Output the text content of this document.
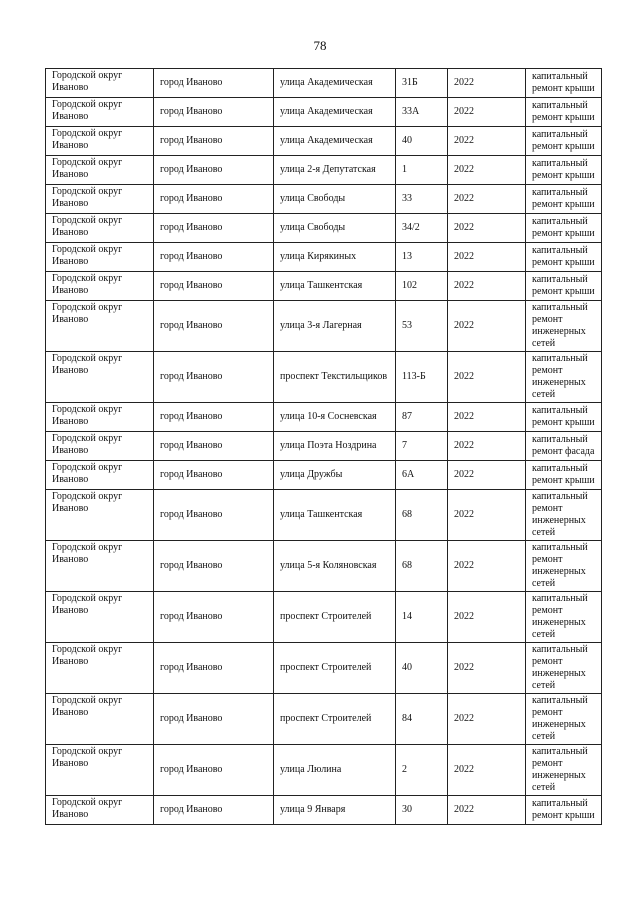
78
Городской округ Иваново	город Иваново	улица Академическая	31Б	2022	капитальный ремонт крыши
Городской округ Иваново	город Иваново	улица Академическая	33А	2022	капитальный ремонт крыши
Городской округ Иваново	город Иваново	улица Академическая	40	2022	капитальный ремонт крыши
Городской округ Иваново	город Иваново	улица 2-я Депутатская	1	2022	капитальный ремонт крыши
Городской округ Иваново	город Иваново	улица Свободы	33	2022	капитальный ремонт крыши
Городской округ Иваново	город Иваново	улица Свободы	34/2	2022	капитальный ремонт крыши
Городской округ Иваново	город Иваново	улица Кирякиных	13	2022	капитальный ремонт крыши
Городской округ Иваново	город Иваново	улица Ташкентская	102	2022	капитальный ремонт крыши
Городской округ Иваново	город Иваново	улица 3-я Лагерная	53	2022	капитальный ремонт инженерных сетей
Городской округ Иваново	город Иваново	проспект Текстильщиков	113-Б	2022	капитальный ремонт инженерных сетей
Городской округ Иваново	город Иваново	улица 10-я Сосневская	87	2022	капитальный ремонт крыши
Городской округ Иваново	город Иваново	улица Поэта Ноздрина	7	2022	капитальный ремонт фасада
Городской округ Иваново	город Иваново	улица Дружбы	6А	2022	капитальный ремонт крыши
Городской округ Иваново	город Иваново	улица Ташкентская	68	2022	капитальный ремонт инженерных сетей
Городской округ Иваново	город Иваново	улица 5-я Коляновская	68	2022	капитальный ремонт инженерных сетей
Городской округ Иваново	город Иваново	проспект Строителей	14	2022	капитальный ремонт инженерных сетей
Городской округ Иваново	город Иваново	проспект Строителей	40	2022	капитальный ремонт инженерных сетей
Городской округ Иваново	город Иваново	проспект Строителей	84	2022	капитальный ремонт инженерных сетей
Городской округ Иваново	город Иваново	улица Люлина	2	2022	капитальный ремонт инженерных сетей
Городской округ Иваново	город Иваново	улица 9 Января	30	2022	капитальный ремонт крыши
